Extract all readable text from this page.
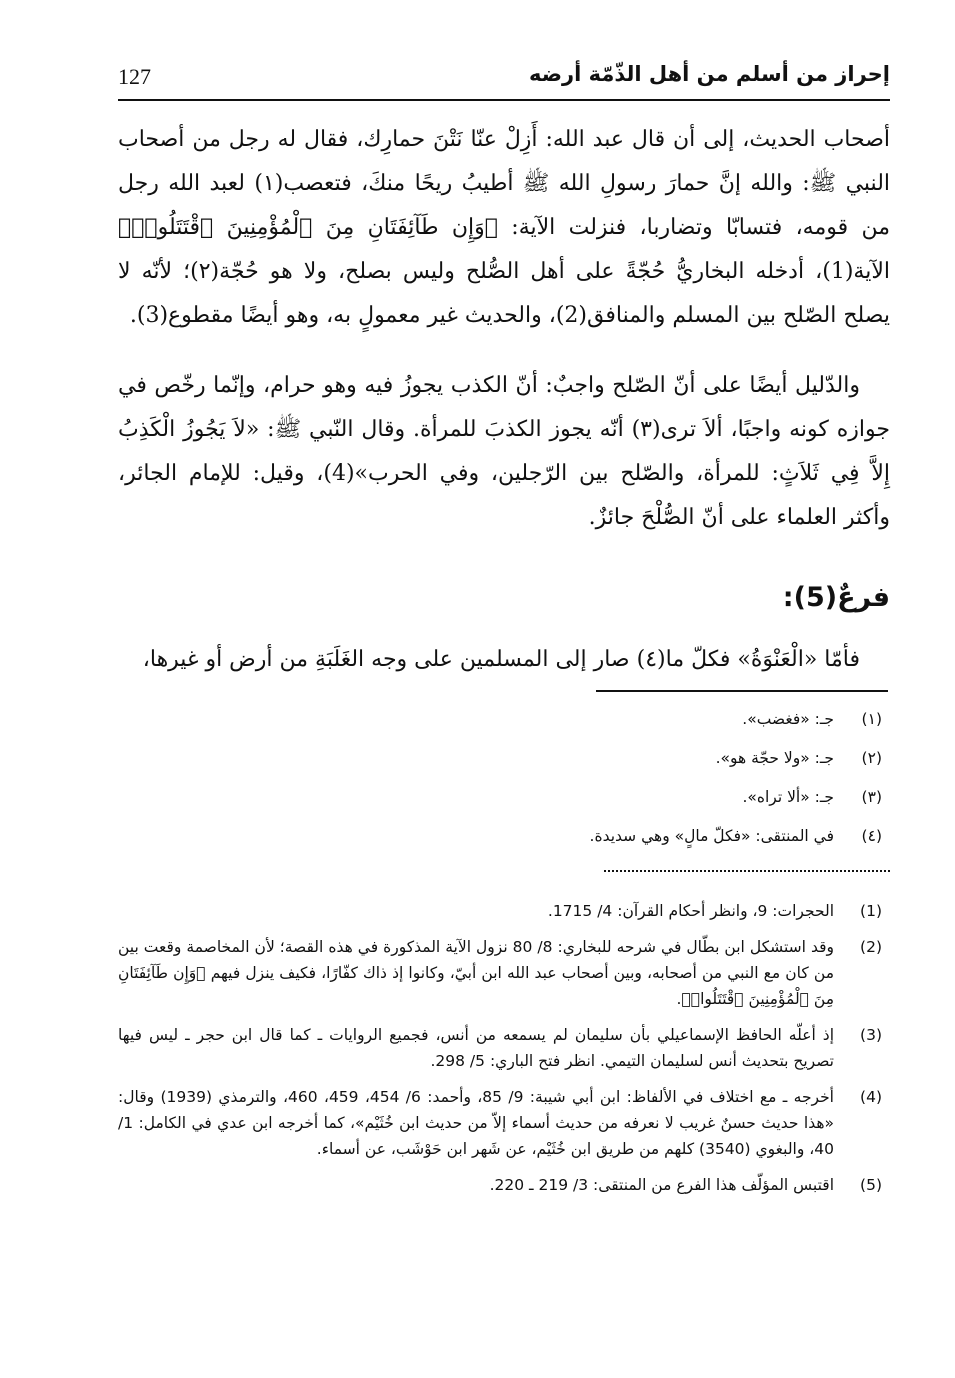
127	إحراز من أسلم من أهل الذّمّة أرضه

أصحاب الحديث، إلى أن قال عبد الله: أَزِلْ عنّا نَتْنَ حمارِك، فقال له رجل من أصحاب النبي ﷺ: والله إنَّ حمارَ رسولِ الله ﷺ أطيبُ ريحًا منكَ، فتعصب(١) لعبد الله رجل من قومه، فتسابّا وتضاربا، فنزلت الآية: ﴿وَإِن طَآئِفَتَانِ مِنَ ٱلْمُؤْمِنِينَ ٱقْتَتَلُوا۟﴾ الآية(1)، أدخله البخاريُّ حُجّةً على أهل الصُّلح وليس بصلح، ولا هو حُجّة(٢)؛ لأنّه لا يصلح الصّلح بين المسلم والمنافق(2)، والحديث غير معمولٍ به، وهو أيضًا مقطوع(3).

والدّليل أيضًا على أنّ الصّلح واجبٌ: أنّ الكذب يجوزُ فيه وهو حرام، وإنّما رخّص في جوازه كونه واجبًا، ألاَ ترى(٣) أنّه يجوز الكذبَ للمرأة. وقال النّبي ﷺ: «لاَ يَجُوزُ الْكَذِبُ إِلاَّ فِي ثَلاَثٍ: للمرأة، والصّلح بين الرّجلين، وفي الحرب»(4)، وقيل: للإمام الجائر، وأكثر العلماء على أنّ الصُّلْحَ جائزٌ.

فرعٌ(5):

فأمّا «الْعَنْوَةُ» فكلّ ما(٤) صار إلى المسلمين على وجه الغَلَبَةِ من أرض أو غيرها،

(١)
جـ: «فغضب».
(٢)
جـ: «ولا حجّة هو».
(٣)
جـ: «ألا تراه».
(٤)
في المنتقى: «فكلّ مالٍ» وهي سديدة.
(1)
الحجرات: 9، وانظر أحكام القرآن: 4/ 1715.
(2)
وقد استشكل ابن بطّال في شرحه للبخاري: 8/ 80 نزول الآية المذكورة في هذه القصة؛ لأن المخاصمة وقعت بين من كان مع النبي من أصحابه، وبين أصحاب عبد الله ابن أبيّ، وكانوا إذ ذاك كفّارًا، فكيف ينزل فيهم ﴿وَإِن طَآئِفَتَانِ مِنَ ٱلْمُؤْمِنِينَ ٱقْتَتَلُوا۟﴾.
(3)
إذ أعلّه الحافظ الإسماعيلي بأن سليمان لم يسمعه من أنس، فجميع الروايات ـ كما قال ابن حجر ـ ليس فيها تصريح بتحديث أنس لسليمان التيمي. انظر فتح الباري: 5/ 298.
(4)
أخرجه ـ مع اختلاف في الألفاظ: ابن أبي شيبة: 9/ 85، وأحمد: 6/ 454، 459، 460، والترمذي (1939) وقال: «هذا حديث حسنٌ غريب لا نعرفه من حديث أسماء إلاّ من حديث ابن خُثَيْم»، كما أخرجه ابن عدي في الكامل: 1/ 40، والبغوي (3540) كلهم من طريق ابن خُثَيْم، عن شَهر ابن حَوْشَب، عن أسماء.
(5)
اقتبس المؤلّف هذا الفرع من المنتقى: 3/ 219 ـ 220.
